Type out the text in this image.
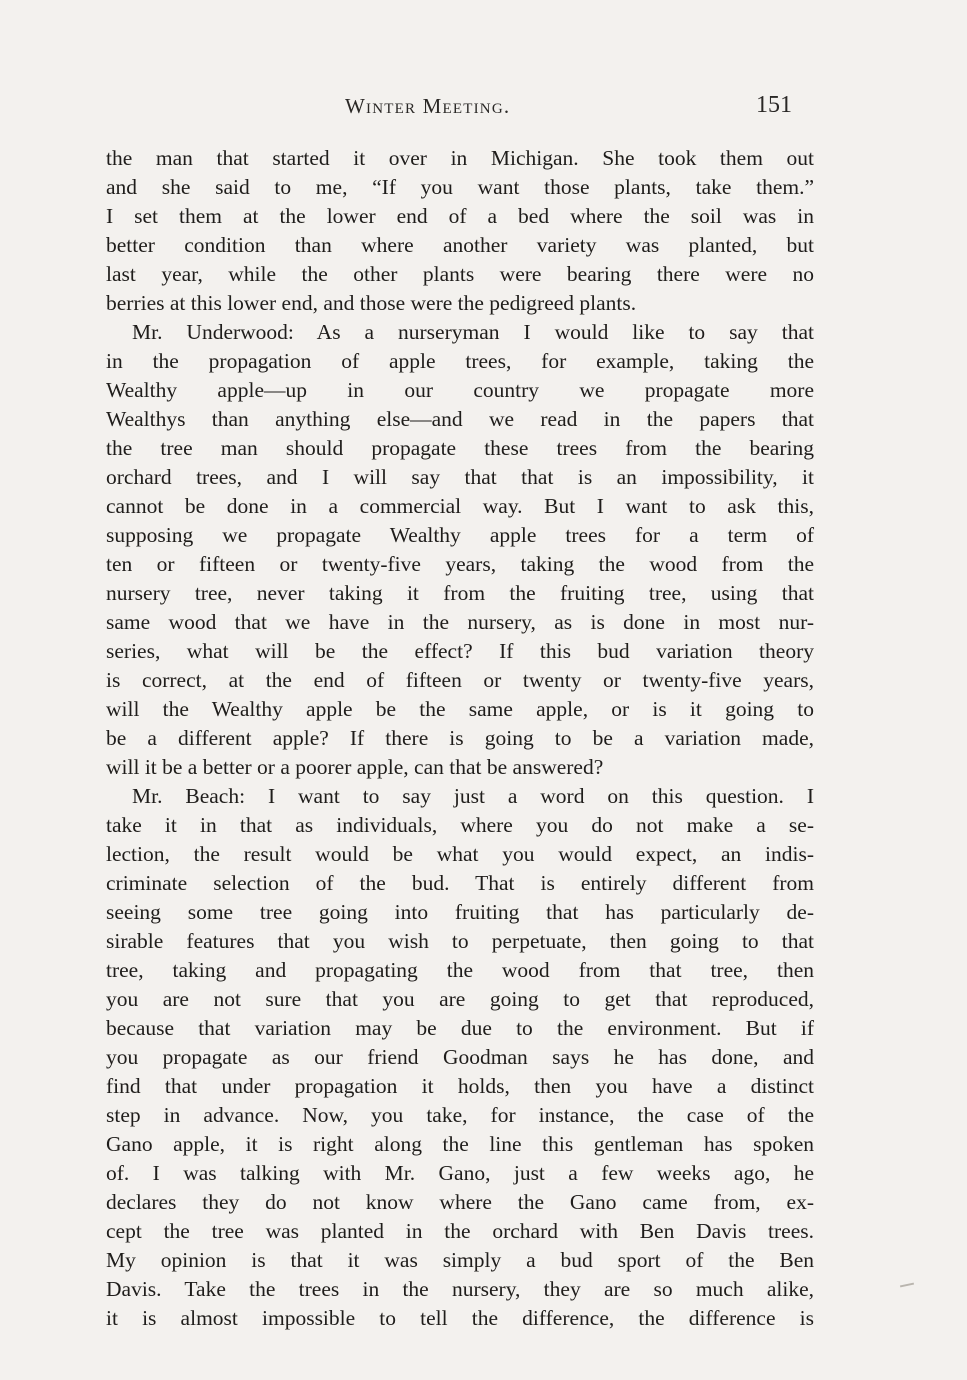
Winter Meeting.	151
the man that started it over in Michigan. She took them out
and she said to me, “If you want those plants, take them.”
I set them at the lower end of a bed where the soil was in
better condition than where another variety was planted, but
last year, while the other plants were bearing there were no
berries at this lower end, and those were the pedigreed plants.
Mr. Underwood: As a nurseryman I would like to say that
in the propagation of apple trees, for example, taking the
Wealthy apple—up in our country we propagate more
Wealthys than anything else—and we read in the papers that
the tree man should propagate these trees from the bearing
orchard trees, and I will say that that is an impossibility, it
cannot be done in a commercial way. But I want to ask this,
supposing we propagate Wealthy apple trees for a term of
ten or fifteen or twenty-five years, taking the wood from the
nursery tree, never taking it from the fruiting tree, using that
same wood that we have in the nursery, as is done in most nur-
series, what will be the effect? If this bud variation theory
is correct, at the end of fifteen or twenty or twenty-five years,
will the Wealthy apple be the same apple, or is it going to
be a different apple? If there is going to be a variation made,
will it be a better or a poorer apple, can that be answered?
Mr. Beach: I want to say just a word on this question. I
take it in that as individuals, where you do not make a se-
lection, the result would be what you would expect, an indis-
criminate selection of the bud. That is entirely different from
seeing some tree going into fruiting that has particularly de-
sirable features that you wish to perpetuate, then going to that
tree, taking and propagating the wood from that tree, then
you are not sure that you are going to get that reproduced,
because that variation may be due to the environment. But if
you propagate as our friend Goodman says he has done, and
find that under propagation it holds, then you have a distinct
step in advance. Now, you take, for instance, the case of the
Gano apple, it is right along the line this gentleman has spoken
of. I was talking with Mr. Gano, just a few weeks ago, he
declares they do not know where the Gano came from, ex-
cept the tree was planted in the orchard with Ben Davis trees.
My opinion is that it was simply a bud sport of the Ben
Davis. Take the trees in the nursery, they are so much alike,
it is almost impossible to tell the difference, the difference is
